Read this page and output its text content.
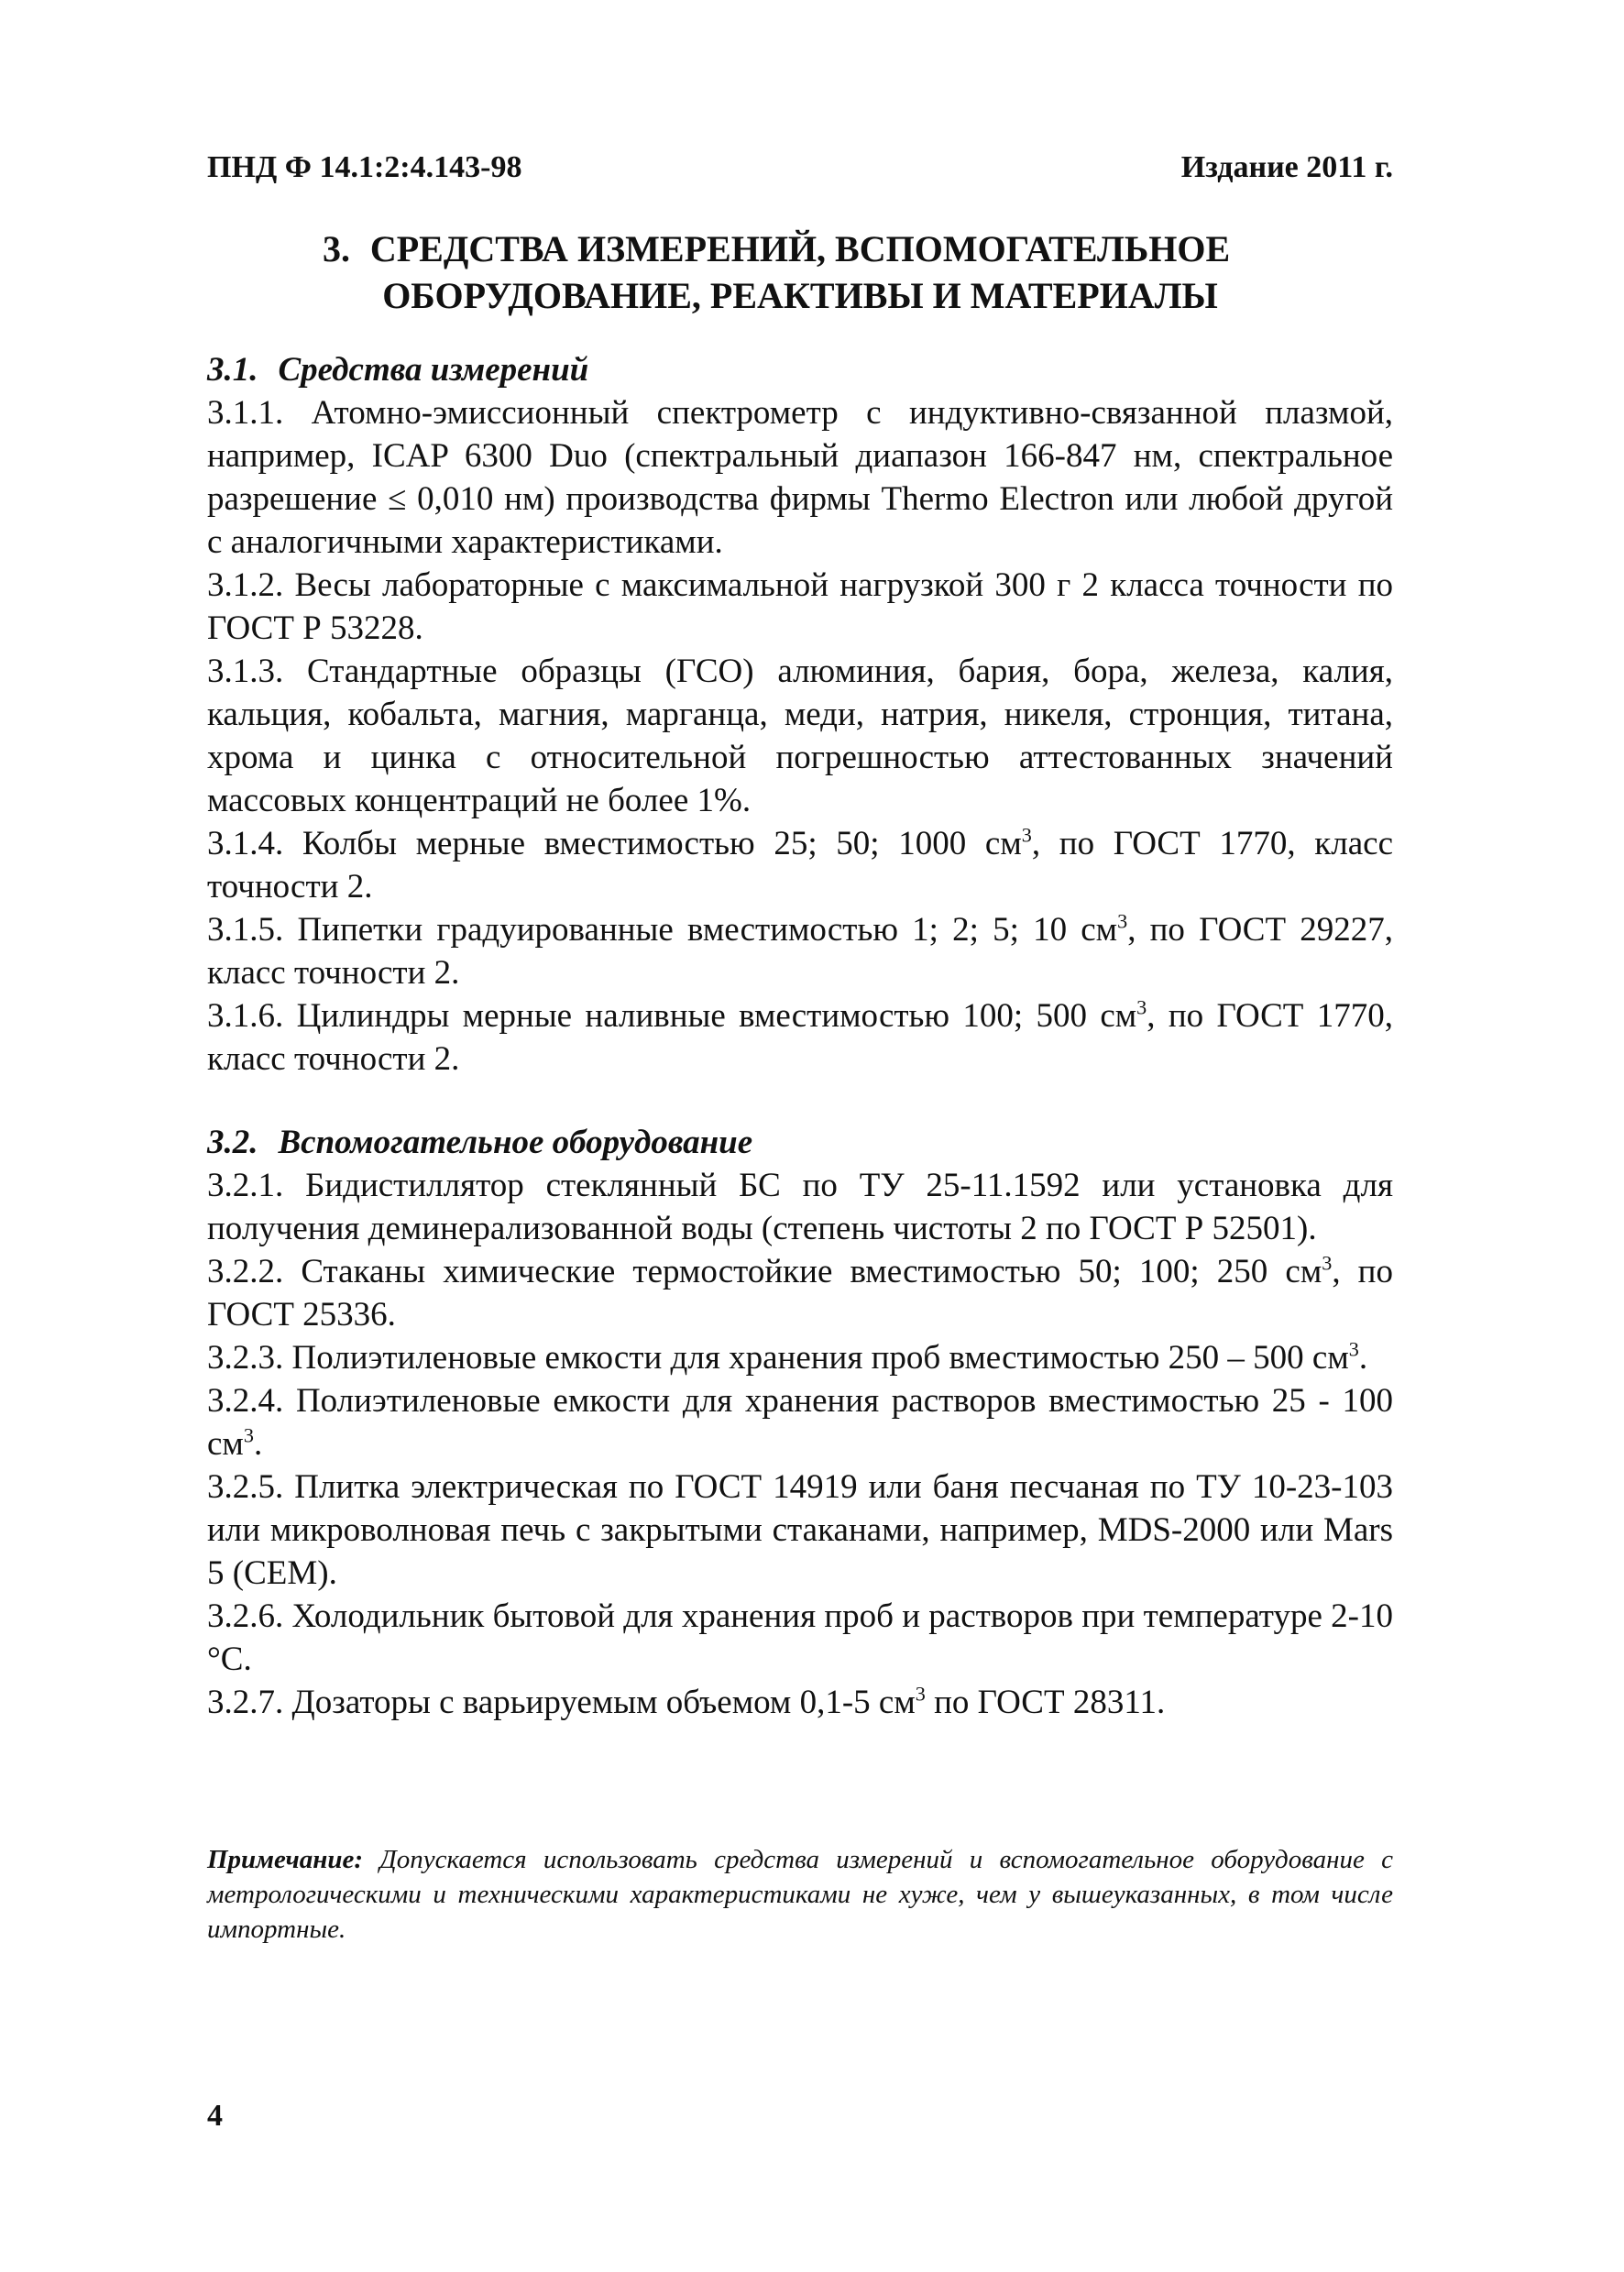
ПНД Ф 14.1:2:4.143-98	Издание 2011 г.
3. СРЕДСТВА ИЗМЕРЕНИЙ, ВСПОМОГАТЕЛЬНОЕ
ОБОРУДОВАНИЕ, РЕАКТИВЫ И МАТЕРИАЛЫ
3.1. Средства измерений

3.1.1. Атомно-эмиссионный спектрометр с индуктивно-связанной плазмой, например, ICAP 6300 Duo (спектральный диапазон 166-847 нм, спектральное разрешение ≤ 0,010 нм) производства фирмы Thermo Electron или любой другой с аналогичными характеристиками.

3.1.2. Весы лабораторные с максимальной нагрузкой 300 г 2 класса точности по ГОСТ Р 53228.

3.1.3. Стандартные образцы (ГСО) алюминия, бария, бора, железа, калия, кальция, кобальта, магния, марганца, меди, натрия, никеля, стронция, титана, хрома и цинка с относительной погрешностью аттестованных значений массовых концентраций не более 1%.

3.1.4. Колбы мерные вместимостью 25; 50; 1000 $см^3$, по ГОСТ 1770, класс точности 2.

3.1.5. Пипетки градуированные вместимостью 1; 2; 5; 10 $см^3$, по ГОСТ 29227, класс точности 2.

3.1.6. Цилиндры мерные наливные вместимостью 100; 500 $см^3$, по ГОСТ 1770, класс точности 2.

3.2. Вспомогательное оборудование

3.2.1. Бидистиллятор стеклянный БС по ТУ 25-11.1592 или установка для получения деминерализованной воды (степень чистоты 2 по ГОСТ Р 52501).

3.2.2. Стаканы химические термостойкие вместимостью 50; 100; 250 $см^3$, по ГОСТ 25336.

3.2.3. Полиэтиленовые емкости для хранения проб вместимостью 250 – 500 $см^3$.

3.2.4. Полиэтиленовые емкости для хранения растворов вместимостью 25 - 100 $см^3$.

3.2.5. Плитка электрическая по ГОСТ 14919 или баня песчаная по ТУ 10-23-103 или микроволновая печь с закрытыми стаканами, например, MDS-2000 или Mars 5 (CEM).

3.2.6. Холодильник бытовой для хранения проб и растворов при температуре 2-10 °С.

3.2.7. Дозаторы с варьируемым объемом 0,1-5 $см^3$ по ГОСТ 28311.

Примечание: Допускается использовать средства измерений и вспомогательное оборудование с метрологическими и техническими характеристиками не хуже, чем у вышеуказанных, в том числе импортные.
4
